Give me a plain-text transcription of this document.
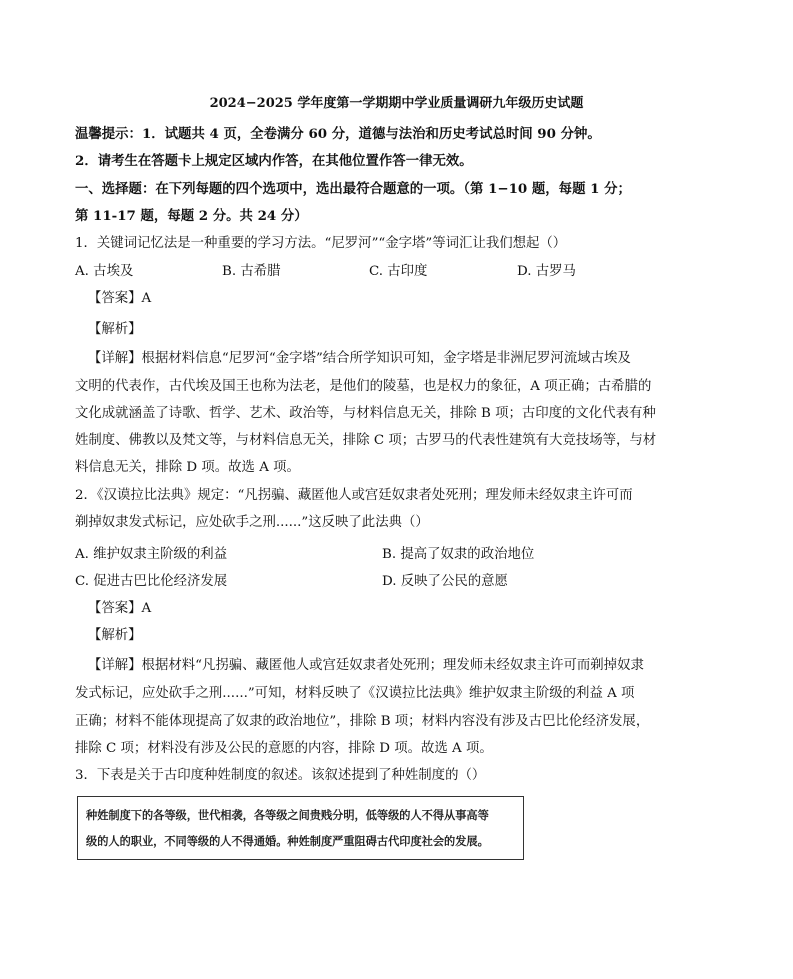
2024−2025 学年度第一学期期中学业质量调研九年级历史试题
温馨提示：1．试题共 4 页，全卷满分 60 分，道德与法治和历史考试总时间 90 分钟。
2．请考生在答题卡上规定区域内作答，在其他位置作答一律无效。
一、选择题：在下列每题的四个选项中，选出最符合题意的一项。（第 1−10 题，每题 1 分；
第 11-17 题，每题 2 分。共 24 分）
1．关键词记忆法是一种重要的学习方法。“尼罗河”“金字塔”等词汇让我们想起（）
A. 古埃及	B. 古希腊	C. 古印度	D. 古罗马
【答案】A
【解析】
【详解】根据材料信息“尼罗河“金字塔”结合所学知识可知，金字塔是非洲尼罗河流域古埃及
文明的代表作，古代埃及国王也称为法老，是他们的陵墓，也是权力的象征，A 项正确；古希腊的
文化成就涵盖了诗歌、哲学、艺术、政治等，与材料信息无关，排除 B 项；古印度的文化代表有种
姓制度、佛教以及梵文等，与材料信息无关，排除 C 项；古罗马的代表性建筑有大竞技场等，与材
料信息无关，排除 D 项。故选 A 项。
2．《汉谟拉比法典》规定：“凡拐骗、藏匿他人或宫廷奴隶者处死刑；理发师未经奴隶主许可而
剃掉奴隶发式标记，应处砍手之刑......”这反映了此法典（）
A. 维护奴隶主阶级的利益	B. 提高了奴隶的政治地位
C. 促进古巴比伦经济发展	D. 反映了公民的意愿
【答案】A
【解析】
【详解】根据材料“凡拐骗、藏匿他人或宫廷奴隶者处死刑；理发师未经奴隶主许可而剃掉奴隶
发式标记，应处砍手之刑......”可知，材料反映了《汉谟拉比法典》维护奴隶主阶级的利益 A 项
正确；材料不能体现提高了奴隶的政治地位”，排除 B 项；材料内容没有涉及古巴比伦经济发展，
排除 C 项；材料没有涉及公民的意愿的内容，排除 D 项。故选 A 项。
3．下表是关于古印度种姓制度的叙述。该叙述提到了种姓制度的（）
种姓制度下的各等级，世代相袭，各等级之间贵贱分明，低等级的人不得从事高等
级的人的职业，不同等级的人不得通婚。种姓制度严重阻碍古代印度社会的发展。
